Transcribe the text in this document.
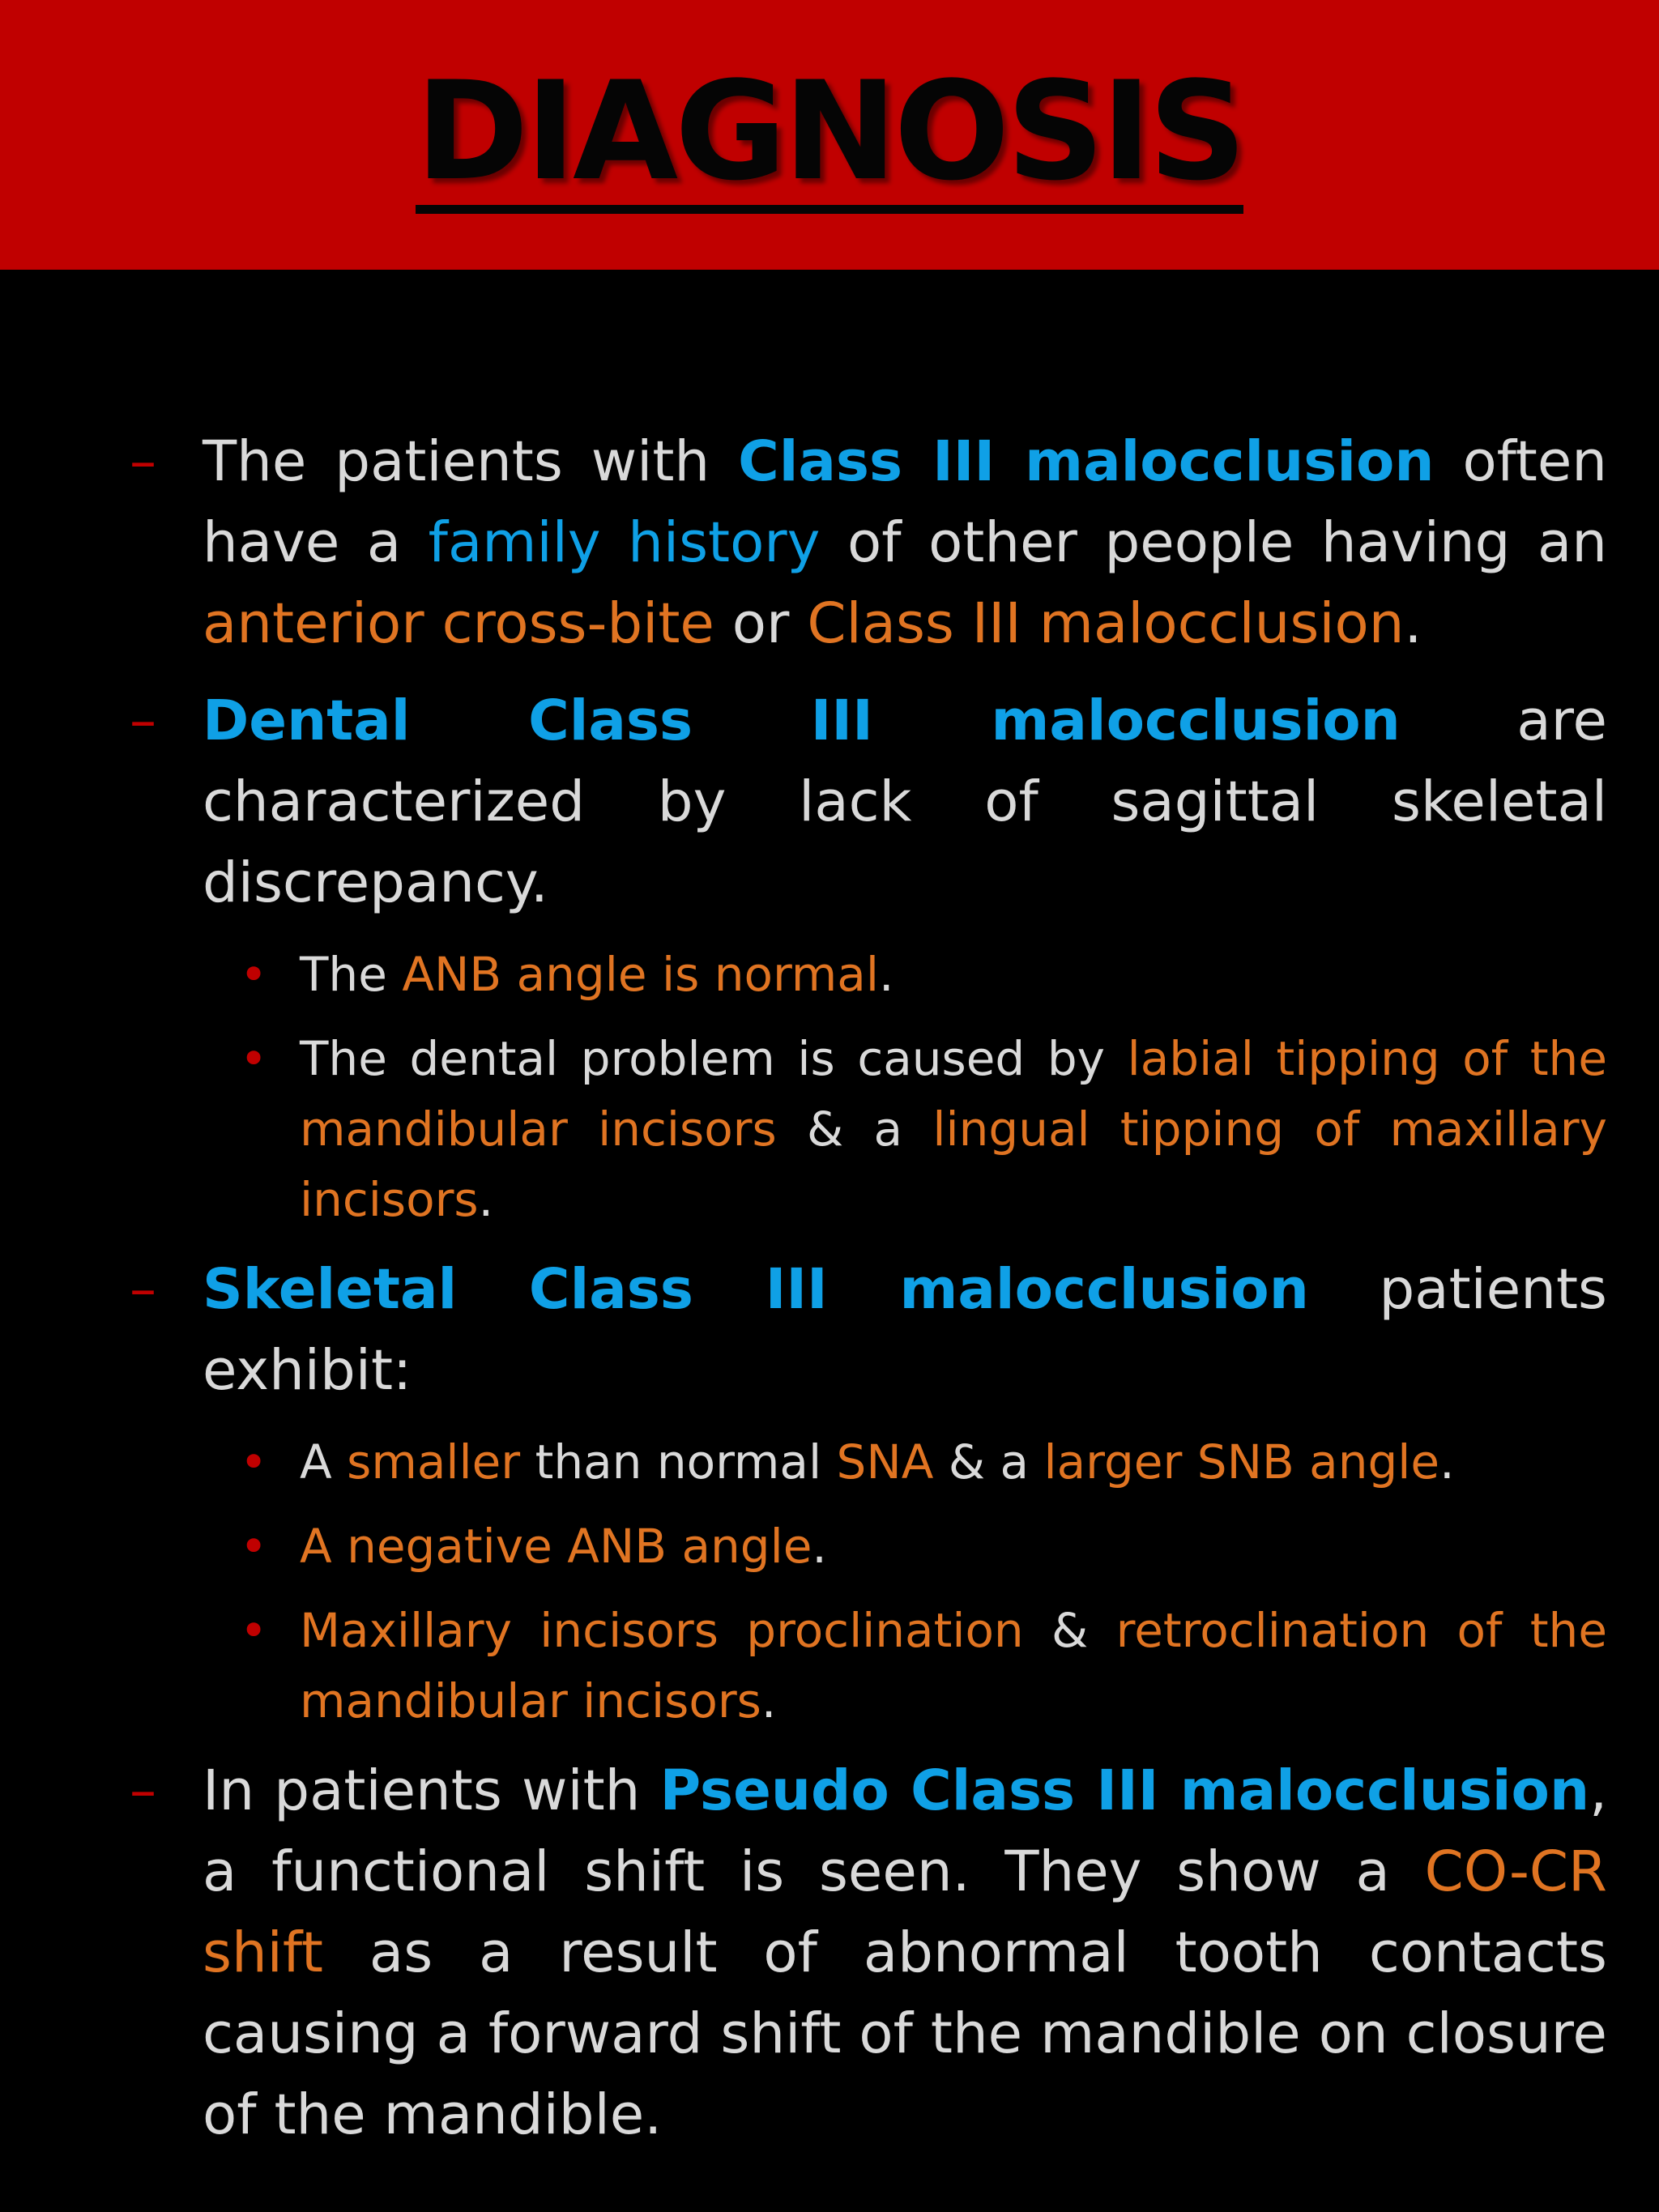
DIAGNOSIS
– The patients with Class III malocclusion often have a family history of other people having an anterior cross-bite or Class III malocclusion.
– Dental Class III malocclusion are characterized by lack of sagittal skeletal discrepancy.
• The ANB angle is normal.
• The dental problem is caused by labial tipping of the mandibular incisors & a lingual tipping of maxillary incisors.
– Skeletal Class III malocclusion patients exhibit:
• A smaller than normal SNA & a larger SNB angle.
• A negative ANB angle.
• Maxillary incisors proclination & retroclination of the mandibular incisors.
– In patients with Pseudo Class III malocclusion, a functional shift is seen. They show a CO-CR shift as a result of abnormal tooth contacts causing a forward shift of the mandible on closure of the mandible.
